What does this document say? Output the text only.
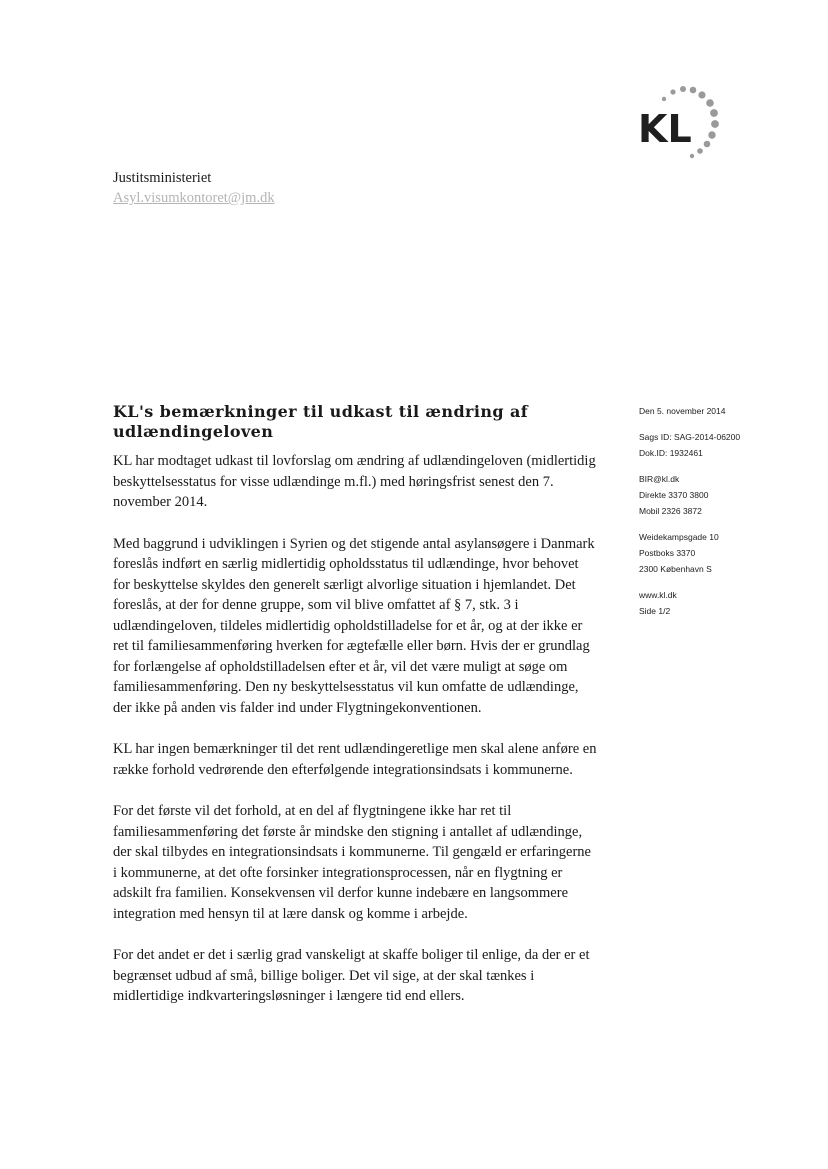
KL
Justitsministeriet
Asyl.visumkontoret@jm.dk
KL's bemærkninger til udkast til ændring af
udlændingeloven

KL har modtaget udkast til lovforslag om ændring af udlændingeloven (midlertidig beskyttelsesstatus for visse udlændinge m.fl.) med høringsfrist senest den 7. november 2014.

Med baggrund i udviklingen i Syrien og det stigende antal asylansøgere i Danmark foreslås indført en særlig midlertidig opholdsstatus til udlændinge, hvor behovet for beskyttelse skyldes den generelt særligt alvorlige situation i hjemlandet. Det foreslås, at der for denne gruppe, som vil blive omfattet af § 7, stk. 3 i udlændingeloven, tildeles midlertidig opholdstilladelse for et år, og at der ikke er ret til familiesammenføring hverken for ægtefælle eller børn. Hvis der er grundlag for forlængelse af opholdstilladelsen efter et år, vil det være muligt at søge om familiesammenføring. Den ny beskyttelsesstatus vil kun omfatte de udlændinge, der ikke på anden vis falder ind under Flygtningekonventionen.

KL har ingen bemærkninger til det rent udlændingeretlige men skal alene anføre en række forhold vedrørende den efterfølgende integrationsindsats i kommunerne.

For det første vil det forhold, at en del af flygtningene ikke har ret til familiesammenføring det første år mindske den stigning i antallet af udlændinge, der skal tilbydes en integrationsindsats i kommunerne. Til gengæld er erfaringerne i kommunerne, at det ofte forsinker integrationsprocessen, når en flygtning er adskilt fra familien. Konsekvensen vil derfor kunne indebære en langsommere integration med hensyn til at lære dansk og komme i arbejde.

For det andet er det i særlig grad vanskeligt at skaffe boliger til enlige, da der er et begrænset udbud af små, billige boliger. Det vil sige, at der skal tænkes i midlertidige indkvarteringsløsninger i længere tid end ellers.

Den 5. november 2014
Sags ID: SAG-2014-06200
Dok.ID: 1932461
BIR@kl.dk
Direkte 3370 3800
Mobil 2326 3872
Weidekampsgade 10
Postboks 3370
2300 København S
www.kl.dk
Side 1/2
